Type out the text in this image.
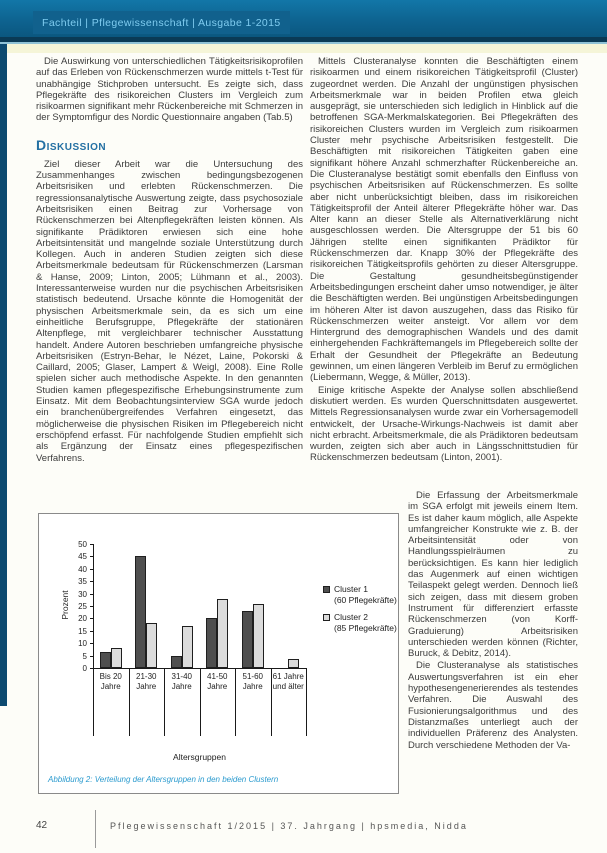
Fachteil | Pflegewissenschaft | Ausgabe 1-2015

Die Auswirkung von unterschiedlichen Tätigkeitsrisikoprofilen auf das Erleben von Rückenschmerzen wurde mittels t-Test für unabhängige Stichproben untersucht. Es zeigte sich, dass Pflegekräfte des risikoreichen Clusters im Vergleich zum risikoarmen signifikant mehr Rückenbereiche mit Schmerzen in der Symptomfigur des Nordic Questionnaire angaben (Tab.5)

Diskussion

Ziel dieser Arbeit war die Untersuchung des Zusammenhanges zwischen bedingungsbezogenen Arbeitsrisiken und erlebten Rückenschmerzen. Die regressionsanalytische Auswertung zeigte, dass psychosoziale Arbeitsrisiken einen Beitrag zur Vorhersage von Rückenschmerzen bei Altenpflegekräften leisten können. Als signifikante Prädiktoren erwiesen sich eine hohe Arbeitsintensität und mangelnde soziale Unterstützung durch Kollegen. Auch in anderen Studien zeigten sich diese Arbeitsmerkmale bedeutsam für Rückenschmerzen (Larsman & Hanse, 2009; Linton, 2005; Lühmann et al., 2003). Interessanterweise wurden nur die psychischen Arbeitsrisiken statistisch bedeutend. Ursache könnte die Homogenität der physischen Arbeitsmerkmale sein, da es sich um eine einheitliche Berufsgruppe, Pflegekräfte der stationären Altenpflege, mit vergleichbarer technischer Ausstattung handelt. Andere Autoren beschrieben umfangreiche physische Arbeitsrisiken (Estryn-Behar, le Nézet, Laine, Pokorski & Caillard, 2005; Glaser, Lampert & Weigl, 2008). Eine Rolle spielen sicher auch methodische Aspekte. In den genannten Studien kamen pflegespezifische Erhebungsinstrumente zum Einsatz. Mit dem Beobachtungsinterview SGA wurde jedoch ein branchenübergreifendes Verfahren eingesetzt, das möglicherweise die physischen Risiken im Pflegebereich nicht erschöpfend erfasst. Für nachfolgende Studien empfiehlt sich als Ergänzung der Einsatz eines pflegespezifischen Verfahrens.

Mittels Clusteranalyse konnten die Beschäftigten einem risikoarmen und einem risikoreichen Tätigkeitsprofil (Cluster) zugeordnet werden. Die Anzahl der ungünstigen physischen Arbeitsmerkmale war in beiden Profilen etwa gleich ausgeprägt, sie unterschieden sich lediglich in Hinblick auf die betroffenen SGA-Merkmalskategorien. Bei Pflegekräften des risikoreichen Clusters wurden im Vergleich zum risikoarmen Cluster mehr psychische Arbeitsrisiken festgestellt. Die Beschäftigten mit risikoreichen Tätigkeiten gaben eine signifikant höhere Anzahl schmerzhafter Rückenbereiche an. Die Clusteranalyse bestätigt somit ebenfalls den Einfluss von psychischen Arbeitsrisiken auf Rückenschmerzen. Es sollte aber nicht unberücksichtigt bleiben, dass im risikoreichen Tätigkeitsprofil der Anteil älterer Pflegekräfte höher war. Das Alter kann an dieser Stelle als Alternativerklärung nicht ausgeschlossen werden. Die Altersgruppe der 51 bis 60 Jährigen stellte einen signifikanten Prädiktor für Rückenschmerzen dar. Knapp 30% der Pflegekräfte des risikoreichen Tätigkeitsprofils gehörten zu dieser Altersgruppe. Die Gestaltung gesundheitsbegünstigender Arbeitsbedingungen erscheint daher umso notwendiger, je älter die Beschäftigten werden. Bei ungünstigen Arbeitsbedingungen im höheren Alter ist davon auszugehen, dass das Risiko für Rückenschmerzen weiter ansteigt. Vor allem vor dem Hintergrund des demographischen Wandels und des damit einhergehenden Fachkräftemangels im Pflegebereich sollte der Erhalt der Gesundheit der Pflegekräfte an Bedeutung gewinnen, um einen längeren Verbleib im Beruf zu ermöglichen (Liebermann, Wegge, & Müller, 2013).

Einige kritische Aspekte der Analyse sollen abschließend diskutiert werden. Es wurden Querschnittsdaten ausgewertet. Mittels Regressionsanalysen wurde zwar ein Vorhersagemodell entwickelt, der Ursache-Wirkungs-Nachweis ist damit aber nicht erbracht. Arbeitsmerkmale, die als Prädiktoren bedeutsam wurden, zeigten sich aber auch in Längsschnittstudien für Rückenschmerzen bedeutsam (Linton, 2001).

Die Erfassung der Arbeitsmerkmale im SGA erfolgt mit jeweils einem Item. Es ist daher kaum möglich, alle Aspekte umfangreicher Konstrukte wie z. B. der Arbeitsintensität oder von Handlungsspielräumen zu berücksichtigen. Es kann hier lediglich das Augenmerk auf einen wichtigen Teilaspekt gelegt werden. Dennoch ließ sich zeigen, dass mit diesem groben Instrument für differenziert erfasste Rückenschmerzen (von Korff-Graduierung) Arbeitsrisiken unterschieden werden können (Richter, Buruck, & Debitz, 2014).

Die Clusteranalyse als statistisches Auswertungsverfahren ist ein eher hypothesengenerierendes als testendes Verfahren. Die Auswahl des Fusionierungsalgorithmus und des Distanzmaßes unterliegt auch der individuellen Präferenz des Analysten. Durch verschiedene Methoden der Va-

0
5
10
15
20
25
30
35
40
45
50
Prozent
Bis 20 Jahre
21-30 Jahre
31-40 Jahre
41-50 Jahre
51-60 Jahre
61 Jahre und älter
Altersgruppen
Cluster 1
(60 Pflegekräfte)
Cluster 2
(85 Pflegekräfte)
Abbildung 2: Verteilung der Altersgruppen in den beiden Clustern
42	Pflegewissenschaft 1/2015 | 37. Jahrgang | hpsmedia, Nidda
